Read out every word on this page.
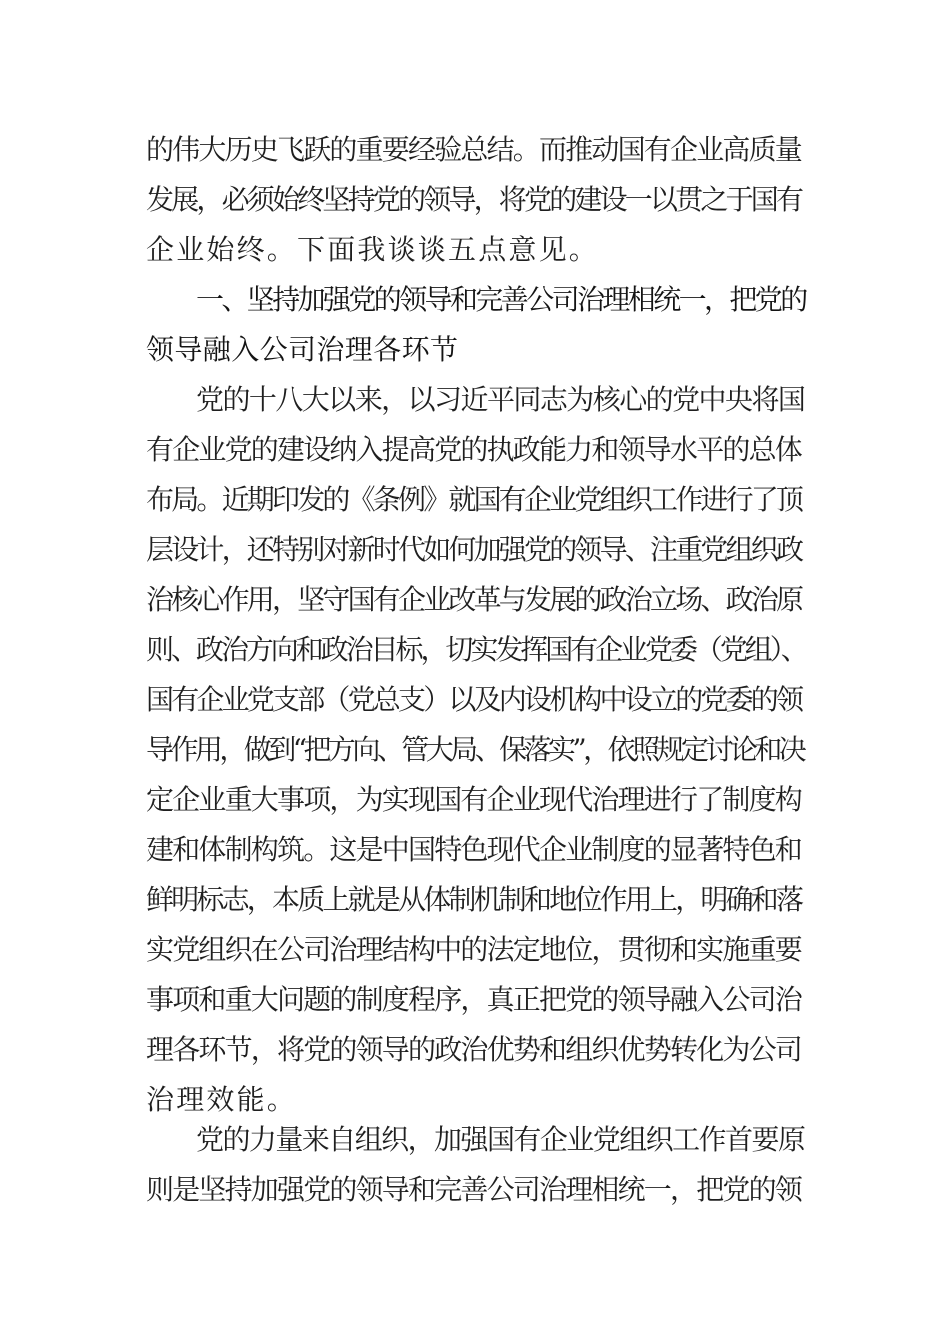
的伟大历史飞跃的重要经验总结。而推动国有企业高质量
发展，必须始终坚持党的领导，将党的建设一以贯之于国有
企业始终。下面我谈谈五点意见。
一、坚持加强党的领导和完善公司治理相统一，把党的
领导融入公司治理各环节
党的十八大以来，以习近平同志为核心的党中央将国
有企业党的建设纳入提高党的执政能力和领导水平的总体
布局。近期印发的《条例》就国有企业党组织工作进行了顶
层设计，还特别对新时代如何加强党的领导、注重党组织政
治核心作用，坚守国有企业改革与发展的政治立场、政治原
则、政治方向和政治目标，切实发挥国有企业党委（党组）、
国有企业党支部（党总支）以及内设机构中设立的党委的领
导作用，做到“把方向、管大局、保落实”，依照规定讨论和决
定企业重大事项，为实现国有企业现代治理进行了制度构
建和体制构筑。这是中国特色现代企业制度的显著特色和
鲜明标志，本质上就是从体制机制和地位作用上，明确和落
实党组织在公司治理结构中的法定地位，贯彻和实施重要
事项和重大问题的制度程序，真正把党的领导融入公司治
理各环节，将党的领导的政治优势和组织优势转化为公司
治理效能。
党的力量来自组织，加强国有企业党组织工作首要原
则是坚持加强党的领导和完善公司治理相统一，把党的领
